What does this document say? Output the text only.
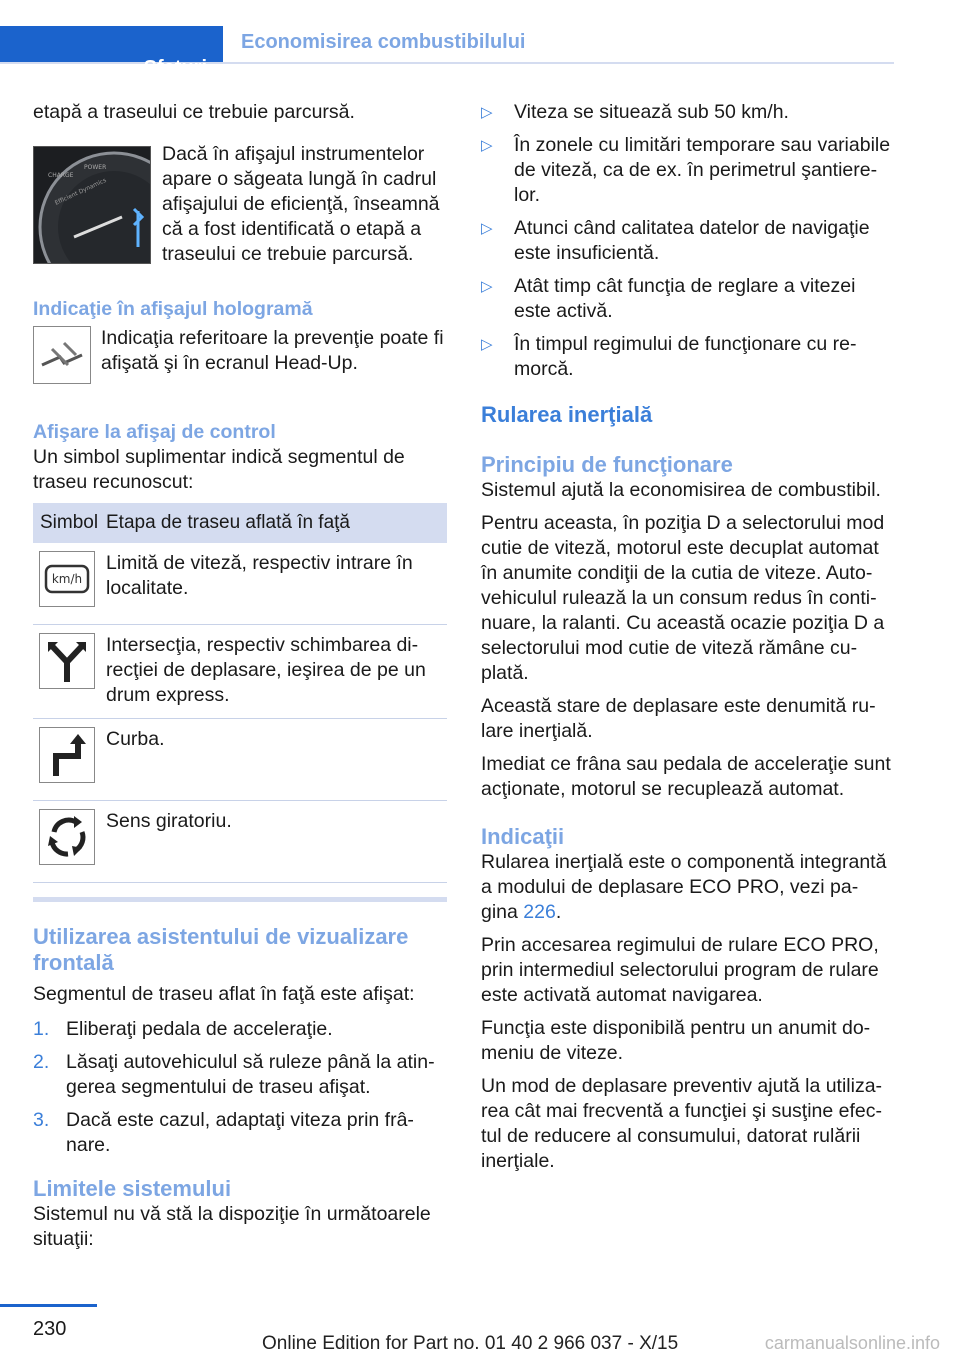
Sfaturi
Economisirea combustibilului

etapă a traseului ce trebuie parcursă.

CHARGE
POWER
Efficient Dynamics

Dacă în afişajul instrumentelor apare o săgeata lungă în cadrul afişajului de eficienţă, înseamnă că a fost identificată o etapă a traseului ce trebuie parcursă.

Indicaţie în afişajul hologramă

Indicaţia referitoare la prevenţie poate fi afişată şi în ecranul Head-Up.

Afişare la afişaj de control

Un simbol suplimentar indică segmentul de traseu recunoscut:

Simbol	Etapa de traseu aflată în faţă

km/h	Limită de viteză, respectiv intrare în localitate.
	Intersecţia, respectiv schimbarea di-recţiei de deplasare, ieşirea de pe un drum express.
	Curba.
	Sens giratoriu.
Utilizarea asistentului de vizualizare frontală

Segmentul de traseu aflat în faţă este afişat:

1. Eliberaţi pedala de acceleraţie.
2. Lăsaţi autovehiculul să ruleze până la atin-gerea segmentului de traseu afişat.
3. Dacă este cazul, adaptaţi viteza prin frâ-nare.
Limitele sistemului

Sistemul nu vă stă la dispoziţie în următoarele situaţii:

▷	Viteza se situează sub 50 km/h.
▷	În zonele cu limitări temporare sau variabile de viteză, ca de ex. în perimetrul şantiere-lor.
▷	Atunci când calitatea datelor de navigaţie este insuficientă.
▷	Atât timp cât funcţia de reglare a vitezei este activă.
▷	În timpul regimului de funcţionare cu re-morcă.
Rularea inerţială
Principiu de funcţionare

Sistemul ajută la economisirea de combustibil.

Pentru aceasta, în poziţia D a selectorului mod cutie de viteză, motorul este decuplat automat în anumite condiţii de la cutia de viteze. Auto-vehiculul rulează la un consum redus în conti-nuare, la ralanti. Cu această ocazie poziţia D a selectorului mod cutie de viteză rămâne cu-plată.

Această stare de deplasare este denumită ru-lare inerţială.

Imediat ce frâna sau pedala de acceleraţie sunt acţionate, motorul se recuplează automat.

Indicaţii

Rularea inerţială este o componentă integrantă a modului de deplasare ECO PRO, vezi pa-gina 226.

Prin accesarea regimului de rulare ECO PRO, prin intermediul selectorului program de rulare este activată automat navigarea.

Funcţia este disponibilă pentru un anumit do-meniu de viteze.

Un mod de deplasare preventiv ajută la utiliza-rea cât mai frecventă a funcţiei şi susţine efec-tul de reducere al consumului, datorat rulării inerţiale.

230
Online Edition for Part no. 01 40 2 966 037 - X/15	carmanualsonline.info
